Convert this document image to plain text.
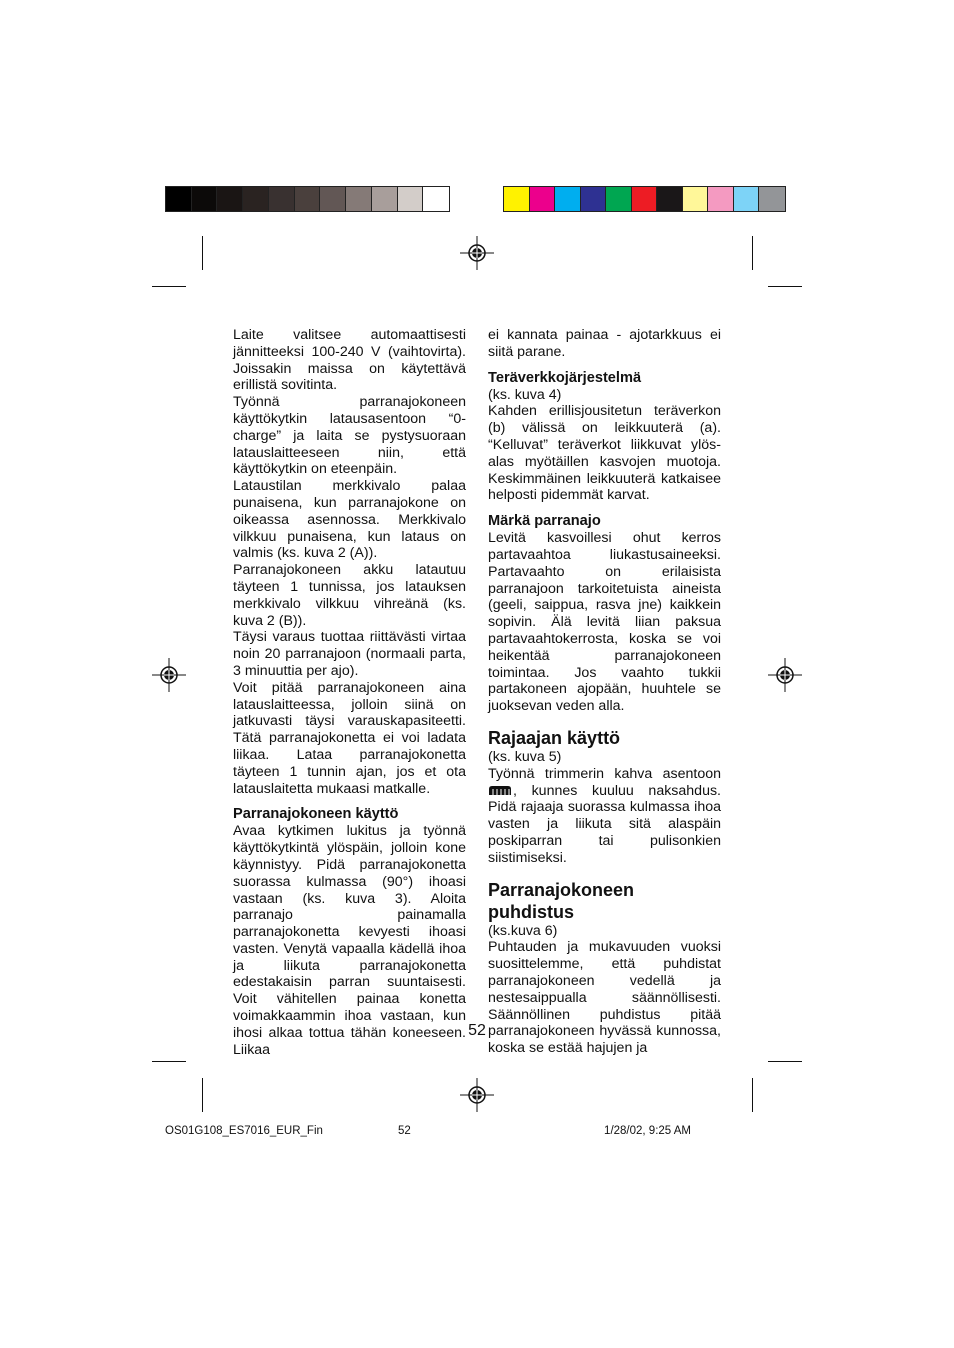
Laite valitsee automaattisesti jännitteeksi 100-240 V (vaihtovirta). Joissakin maissa on käytettävä erillistä sovitinta.

Työnnä parranajokoneen käyttökytkin latausasentoon “0-charge” ja laita se pystysuoraan latauslaitteeseen niin, että käyttökytkin on eteenpäin.

Lataustilan merkkivalo palaa punaisena, kun parranajokone on oikeassa asennossa. Merkkivalo vilkkuu punaisena, kun lataus on valmis (ks. kuva 2 (A)).

Parranajokoneen akku latautuu täyteen 1 tunnissa, jos latauksen merkkivalo vilkkuu vihreänä (ks. kuva 2 (B)).

Täysi varaus tuottaa riittävästi virtaa noin 20 parranajoon (normaali parta, 3 minuuttia per ajo).

Voit pitää parranajokoneen aina latauslaitteessa, jolloin siinä on jatkuvasti täysi varauskapasiteetti. Tätä parranajokonetta ei voi ladata liikaa. Lataa parranajokonetta täyteen 1 tunnin ajan, jos et ota latauslaitetta mukaasi matkalle.

Parranajokoneen käyttö

Avaa kytkimen lukitus ja työnnä käyttökytkintä ylöspäin, jolloin kone käynnistyy. Pidä parranajokonetta suorassa kulmassa (90°) ihoasi vastaan (ks. kuva 3). Aloita parranajo painamalla parranajokonetta kevyesti ihoasi vasten. Venytä vapaalla kädellä ihoa ja liikuta parranajokonetta edestakaisin parran suuntaisesti. Voit vähitellen painaa konetta voimakkaammin ihoa vastaan, kun ihosi alkaa tottua tähän koneeseen. Liikaa

ei kannata painaa - ajotarkkuus ei siitä parane.

Teräverkkojärjestelmä

(ks. kuva 4)

Kahden erillisjousitetun teräverkon (b) välissä on leikkuuterä (a). “Kelluvat” teräverkot liikkuvat ylös-alas myötäillen kasvojen muotoja. Keskimmäinen leikkuuterä katkaisee helposti pidemmät karvat.

Märkä parranajo

Levitä kasvoillesi ohut kerros partavaahtoa liukastusaineeksi. Partavaahto on erilaisista parranajoon tarkoitetuista aineista (geeli, saippua, rasva jne) kaikkein sopivin. Älä levitä liian paksua partavaahtokerrosta, koska se voi heikentää parranajokoneen toimintaa. Jos vaahto tukkii partakoneen ajopään, huuhtele se juoksevan veden alla.

Rajaajan käyttö

(ks. kuva 5)

Työnnä trimmerin kahva asentoon , kunnes kuuluu naksahdus. Pidä rajaaja suorassa kulmassa ihoa vasten ja liikuta sitä alaspäin poskiparran tai pulisonkien siistimiseksi.

Parranajokoneen puhdistus

(ks.kuva 6)

Puhtauden ja mukavuuden vuoksi suosittelemme, että puhdistat parranajokoneen vedellä ja nestesaippualla säännöllisesti. Säännöllinen puhdistus pitää parranajokoneen hyvässä kunnossa, koska se estää hajujen ja

52
OS01G108_ES7016_EUR_Fin	52	1/28/02, 9:25 AM
